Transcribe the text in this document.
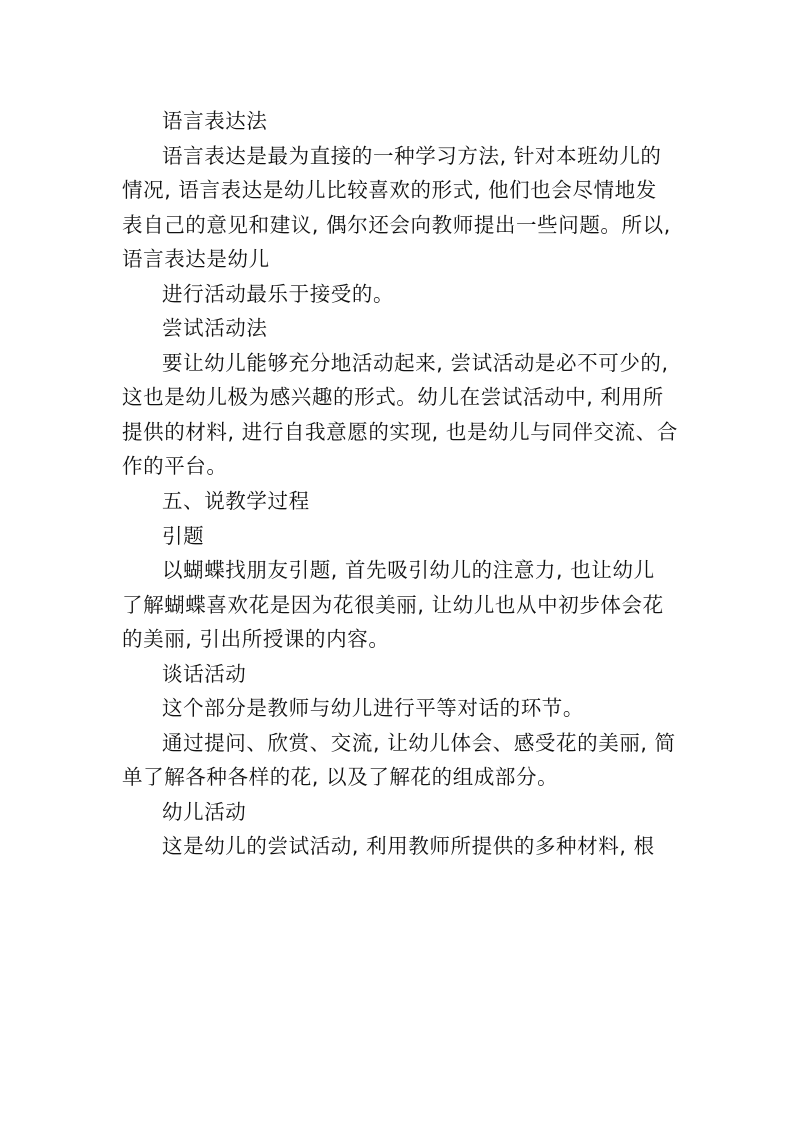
语言表达法
语言表达是最为直接的一种学习方法, 针对本班幼儿的
情况, 语言表达是幼儿比较喜欢的形式, 他们也会尽情地发
表自己的意见和建议, 偶尔还会向教师提出一些问题。所以,
语言表达是幼儿
进行活动最乐于接受的。
尝试活动法
要让幼儿能够充分地活动起来, 尝试活动是必不可少的,
这也是幼儿极为感兴趣的形式。幼儿在尝试活动中, 利用所
提供的材料, 进行自我意愿的实现, 也是幼儿与同伴交流、合
作的平台。
五、说教学过程
引题
以蝴蝶找朋友引题, 首先吸引幼儿的注意力, 也让幼儿
了解蝴蝶喜欢花是因为花很美丽, 让幼儿也从中初步体会花
的美丽, 引出所授课的内容。
谈话活动
这个部分是教师与幼儿进行平等对话的环节。
通过提问、欣赏、交流, 让幼儿体会、感受花的美丽, 简
单了解各种各样的花, 以及了解花的组成部分。
幼儿活动
这是幼儿的尝试活动, 利用教师所提供的多种材料, 根
